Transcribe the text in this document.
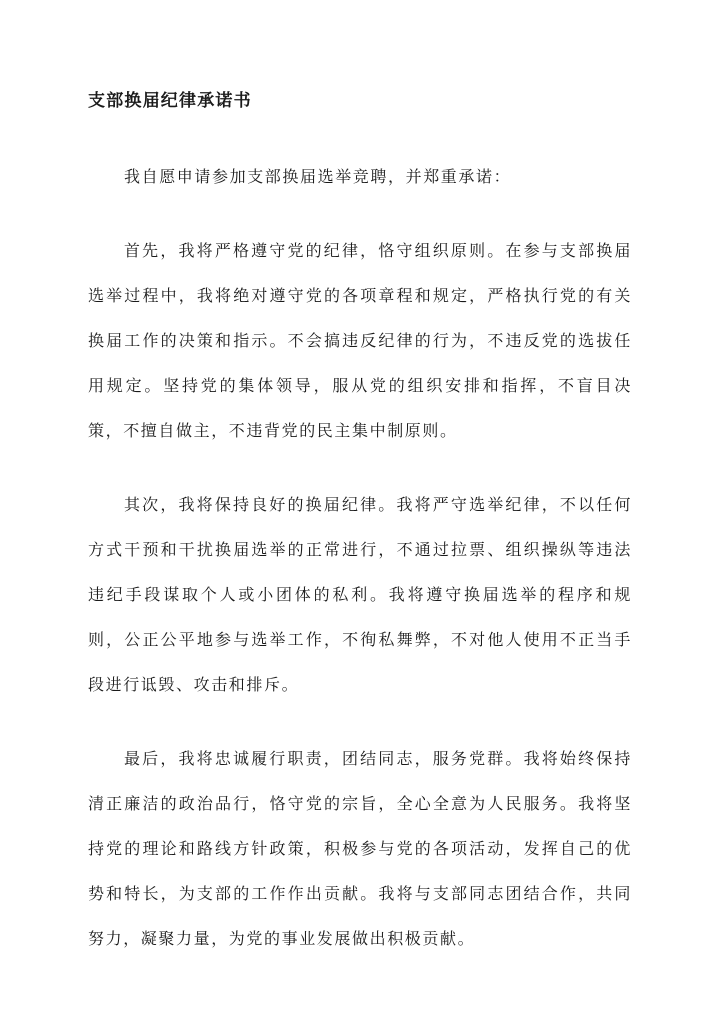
支部换届纪律承诺书

我自愿申请参加支部换届选举竞聘，并郑重承诺：

首先，我将严格遵守党的纪律，恪守组织原则。在参与支部换届选举过程中，我将绝对遵守党的各项章程和规定，严格执行党的有关换届工作的决策和指示。不会搞违反纪律的行为，不违反党的选拔任用规定。坚持党的集体领导，服从党的组织安排和指挥，不盲目决策，不擅自做主，不违背党的民主集中制原则。

其次，我将保持良好的换届纪律。我将严守选举纪律，不以任何方式干预和干扰换届选举的正常进行，不通过拉票、组织操纵等违法违纪手段谋取个人或小团体的私利。我将遵守换届选举的程序和规则，公正公平地参与选举工作，不徇私舞弊，不对他人使用不正当手段进行诋毁、攻击和排斥。

最后，我将忠诚履行职责，团结同志，服务党群。我将始终保持清正廉洁的政治品行，恪守党的宗旨，全心全意为人民服务。我将坚持党的理论和路线方针政策，积极参与党的各项活动，发挥自己的优势和特长，为支部的工作作出贡献。我将与支部同志团结合作，共同努力，凝聚力量，为党的事业发展做出积极贡献。
